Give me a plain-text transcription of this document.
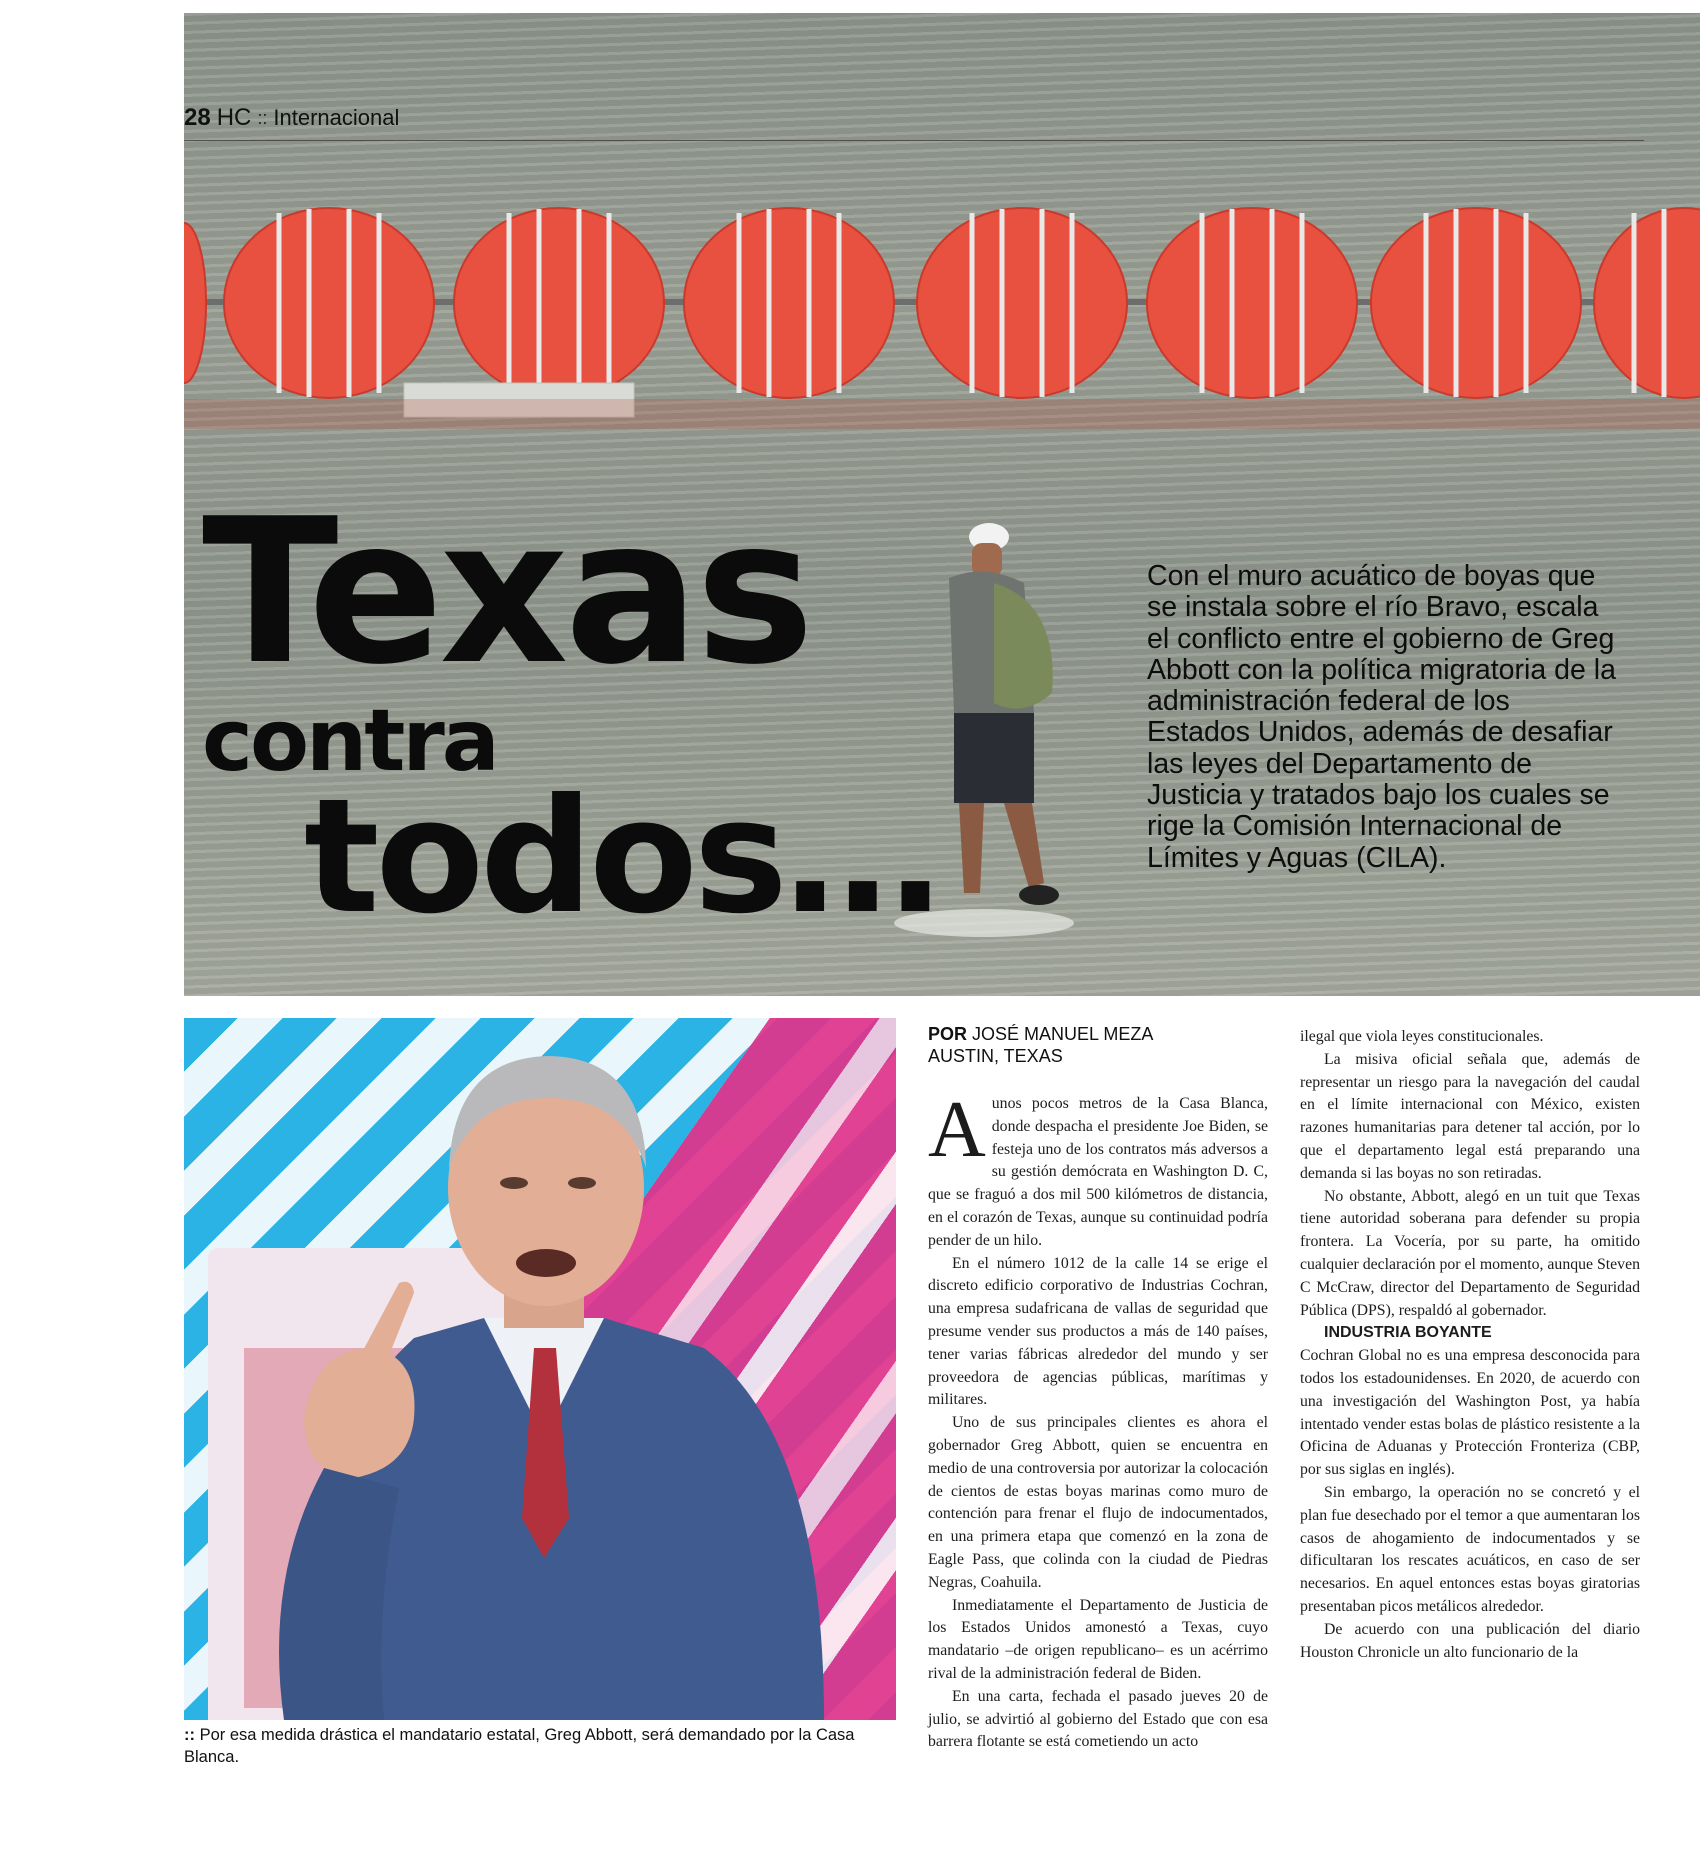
28 HC :: Internacional
Texas
contra
todos…
Con el muro acuático de boyas que se instala sobre el río Bravo, escala el conflicto entre el gobierno de Greg Abbott con la política migratoria de la administración federal de los Estados Unidos, además de desafiar las leyes del Departamento de Justicia y tratados bajo los cuales se rige la Comisión Internacional de Límites y Aguas (CILA).
:: Por esa medida drástica el mandatario estatal, Greg Abbott, será demandado por la Casa Blanca.
POR JOSÉ MANUEL MEZA
AUSTIN, TEXAS

Aunos pocos metros de la Casa Blanca, donde despacha el presidente Joe Biden, se festeja uno de los contratos más adversos a su gestión demócrata en Washington D. C, que se fraguó a dos mil 500 kilómetros de distancia, en el corazón de Texas, aunque su continuidad podría pender de un hilo.

En el número 1012 de la calle 14 se erige el discreto edificio corporativo de Industrias Cochran, una empresa sudafricana de vallas de seguridad que presume vender sus productos a más de 140 países, tener varias fábricas alrededor del mundo y ser proveedora de agencias públicas, marítimas y militares.

Uno de sus principales clientes es ahora el gobernador Greg Abbott, quien se encuentra en medio de una controversia por autorizar la colocación de cientos de estas boyas marinas como muro de contención para frenar el flujo de indocumentados, en una primera etapa que comenzó en la zona de Eagle Pass, que colinda con la ciudad de Piedras Negras, Coahuila.

Inmediatamente el Departamento de Justicia de los Estados Unidos amonestó a Texas, cuyo mandatario –de origen republicano– es un acérrimo rival de la administración federal de Biden.

En una carta, fechada el pasado jueves 20 de julio, se advirtió al gobierno del Estado que con esa barrera flotante se está cometiendo un acto

ilegal que viola leyes constitucionales.

La misiva oficial señala que, además de representar un riesgo para la navegación del caudal en el límite internacional con México, existen razones humanitarias para detener tal acción, por lo que el departamento legal está preparando una demanda si las boyas no son retiradas.

No obstante, Abbott, alegó en un tuit que Texas tiene autoridad soberana para defender su propia frontera. La Vocería, por su parte, ha omitido cualquier declaración por el momento, aunque Steven C McCraw, director del Departamento de Seguridad Pública (DPS), respaldó al gobernador.

INDUSTRIA BOYANTE

Cochran Global no es una empresa desconocida para todos los estadounidenses. En 2020, de acuerdo con una investigación del Washington Post, ya había intentado vender estas bolas de plástico resistente a la Oficina de Aduanas y Protección Fronteriza (CBP, por sus siglas en inglés).

Sin embargo, la operación no se concretó y el plan fue desechado por el temor a que aumentaran los casos de ahogamiento de indocumentados y se dificultaran los rescates acuáticos, en caso de ser necesarios. En aquel entonces estas boyas giratorias presentaban picos metálicos alrededor.

De acuerdo con una publicación del diario Houston Chronicle un alto funcionario de la
